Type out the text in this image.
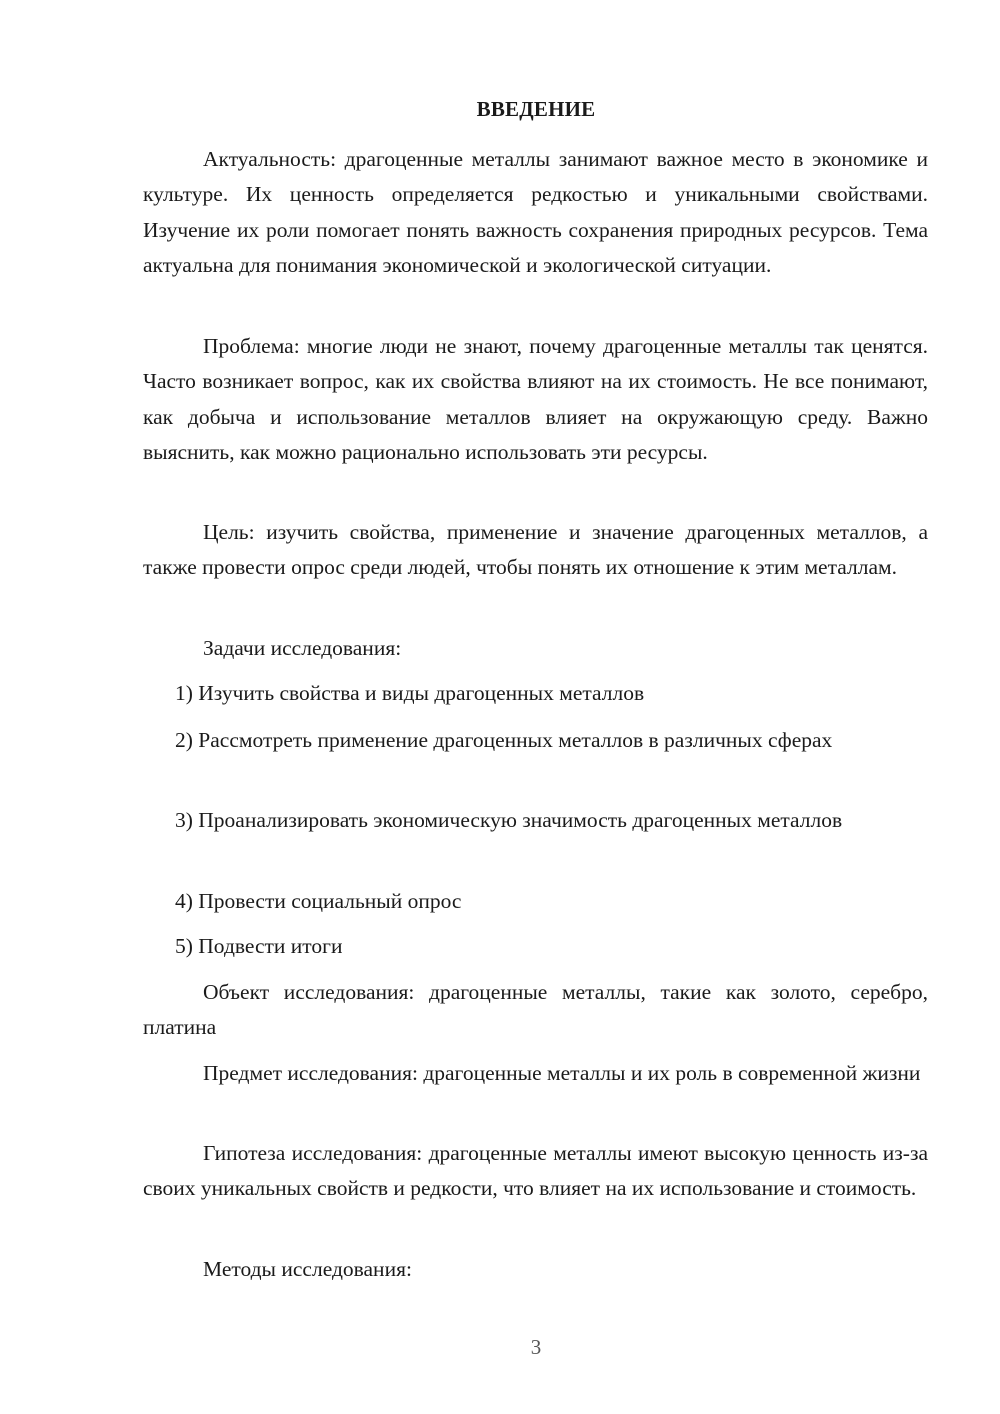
ВВЕДЕНИЕ

Актуальность: драгоценные металлы занимают важное место в экономике и культуре. Их ценность определяется редкостью и уникальными свойствами. Изучение их роли помогает понять важность сохранения природных ресурсов. Тема актуальна для понимания экономической и экологической ситуации.

Проблема: многие люди не знают, почему драгоценные металлы так ценятся. Часто возникает вопрос, как их свойства влияют на их стоимость. Не все понимают, как добыча и использование металлов влияет на окружающую среду. Важно выяснить, как можно рационально использовать эти ресурсы.

Цель: изучить свойства, применение и значение драгоценных металлов, а также провести опрос среди людей, чтобы понять их отношение к этим металлам.

Задачи исследования:

1) Изучить свойства и виды драгоценных металлов

2) Рассмотреть применение драгоценных металлов в различных сферах

3) Проанализировать экономическую значимость драгоценных металлов

4) Провести социальный опрос

5) Подвести итоги

Объект исследования: драгоценные металлы, такие как золото, серебро, платина

Предмет исследования: драгоценные металлы и их роль в современной жизни

Гипотеза исследования: драгоценные металлы имеют высокую ценность из-за своих уникальных свойств и редкости, что влияет на их использование и стоимость.

Методы исследования:

3
